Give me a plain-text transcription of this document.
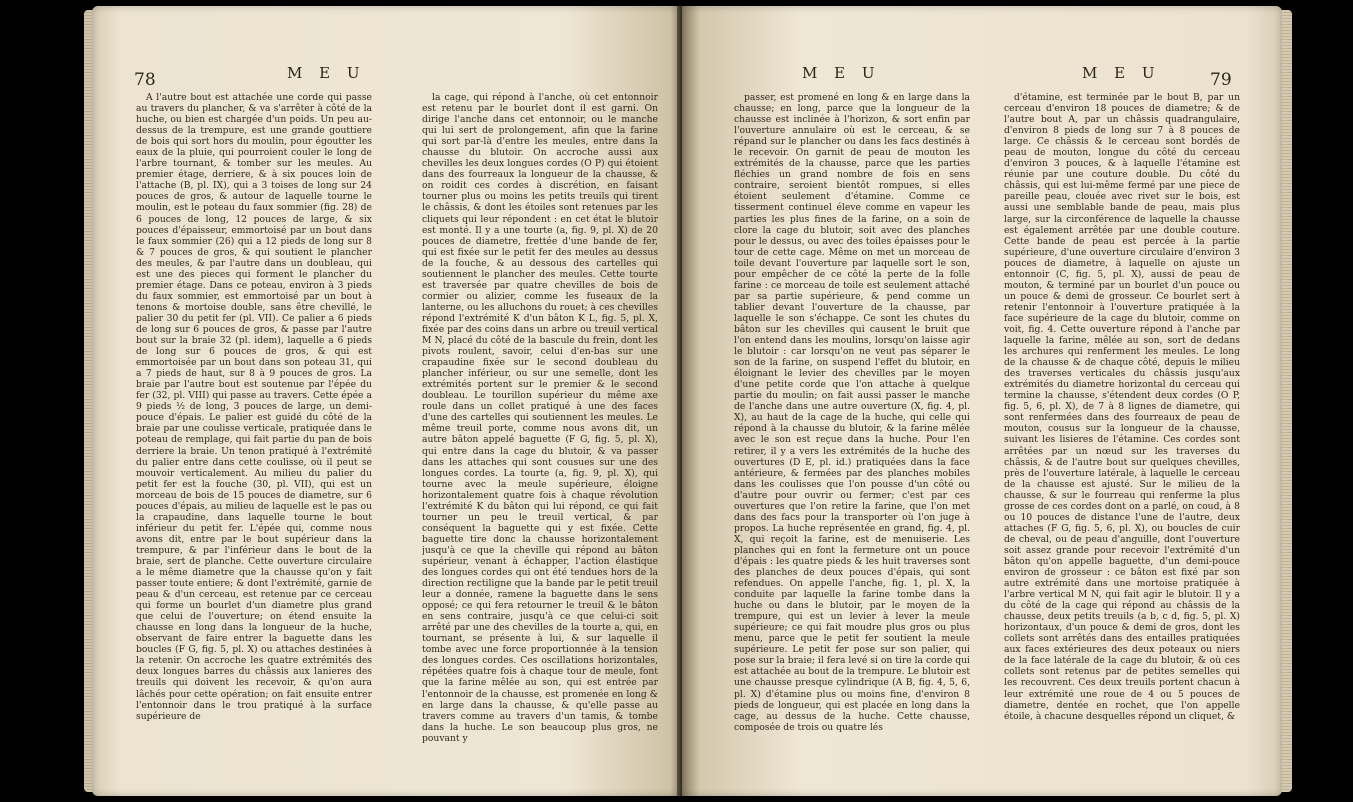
78	M E U

A l'autre bout est attachée une corde qui passe au travers du plancher, & va s'arrêter à côté de la huche, ou bien est chargée d'un poids. Un peu au-dessus de la trempure, est une grande gouttiere de bois qui sort hors du moulin, pour égoutter les eaux de la pluie, qui pourroient couler le long de l'arbre tournant, & tomber sur les meules. Au premier étage, derriere, & à six pouces loin de l'attache (B, pl. IX), qui a 3 toises de long sur 24 pouces de gros, & autour de laquelle tourne le moulin, est le poteau du faux sommier (fig. 28) de 6 pouces de long, 12 pouces de large, & six pouces d'épaisseur, emmortoisé par un bout dans le faux sommier (26) qui a 12 pieds de long sur 8 & 7 pouces de gros, & qui soutient le plancher des meules, & par l'autre dans un doubleau, qui est une des pieces qui forment le plancher du premier étage. Dans ce poteau, environ à 3 pieds du faux sommier, est emmortoisé par un bout à tenons & mortoise double, sans être chevillé, le palier 30 du petit fer (pl. VII). Ce palier a 6 pieds de long sur 6 pouces de gros, & passe par l'autre bout sur la braie 32 (pl. idem), laquelle a 6 pieds de long sur 6 pouces de gros, & qui est emmortoisée par un bout dans son poteau 31, qui a 7 pieds de haut, sur 8 à 9 pouces de gros. La braie par l'autre bout est soutenue par l'épée du fer (32, pl. VIII) qui passe au travers. Cette épée a 9 pieds ½ de long, 3 pouces de large, un demi-pouce d'épais. Le palier est guidé du côté de la braie par une coulisse verticale, pratiquée dans le poteau de remplage, qui fait partie du pan de bois derriere la braie. Un tenon pratiqué à l'extrémité du palier entre dans cette coulisse, où il peut se mouvoir verticalement. Au milieu du palier du petit fer est la fouche (30, pl. VII), qui est un morceau de bois de 15 pouces de diametre, sur 6 pouces d'épais, au milieu de laquelle est le pas ou la crapaudine, dans laquelle tourne le bout inférieur du petit fer. L'épée qui, comme nous avons dit, entre par le bout supérieur dans la trempure, & par l'inférieur dans le bout de la braie, sert de planche. Cette ouverture circulaire a le même diametre que la chausse qu'on y fait passer toute entiere; & dont l'extrémité, garnie de peau & d'un cerceau, est retenue par ce cerceau qui forme un bourlet d'un diametre plus grand que celui de l'ouverture; on étend ensuite la chausse en long dans la longueur de la huche, observant de faire entrer la baguette dans les boucles (F G, fig. 5, pl. X) ou attaches destinées à la retenir. On accroche les quatre extrémités des deux longues barres du châssis aux lanieres des treuils qui doivent les recevoir, & qu'on aura lâchés pour cette opération; on fait ensuite entrer l'entonnoir dans le trou pratiqué à la surface supérieure de

la cage, qui répond à l'anche, où cet entonnoir est retenu par le bourlet dont il est garni. On dirige l'anche dans cet entonnoir, ou le manche qui lui sert de prolongement, afin que la farine qui sort par-là d'entre les meules, entre dans la chausse du blutoir. On accroche aussi aux chevilles les deux longues cordes (O P) qui étoient dans des fourreaux la longueur de la chausse, & on roidit ces cordes à discrétion, en faisant tourner plus ou moins les petits treuils qui tirent le châssis, & dont les étoiles sont retenues par les cliquets qui leur répondent : en cet état le blutoir est monté. Il y a une tourte (a, fig. 9, pl. X) de 20 pouces de diametre, frettée d'une bande de fer, qui est fixée sur le petit fer des meules au dessus de la fouche, & au dessous des cartelles qui soutiennent le plancher des meules. Cette tourte est traversée par quatre chevilles de bois de cormier ou alizier, comme les fuseaux de la lanterne, ou les alluchons du rouet; à ces chevilles répond l'extrémité K d'un bâton K L, fig. 5, pl. X, fixée par des coins dans un arbre ou treuil vertical M N, placé du côté de la bascule du frein, dont les pivots roulent, savoir, celui d'en-bas sur une crapaudine fixée sur le second doubleau du plancher inférieur, ou sur une semelle, dont les extrémités portent sur le premier & le second doubleau. Le tourillon supérieur du même axe roule dans un collet pratiqué à une des faces d'une des cartelles qui soutiennent les meules. Le même treuil porte, comme nous avons dit, un autre bâton appelé baguette (F G, fig. 5, pl. X), qui entre dans la cage du blutoir, & va passer dans les attaches qui sont cousues sur une des longues cordes. La tourte (a, fig. 9, pl. X), qui tourne avec la meule supérieure, éloigne horizontalement quatre fois à chaque révolution l'extrémité K du bâton qui lui répond, ce qui fait tourner un peu le treuil vertical, & par conséquent la baguette qui y est fixée. Cette baguette tire donc la chausse horizontalement jusqu'à ce que la cheville qui répond au bâton supérieur, venant à échapper, l'action élastique des longues cordes qui ont été tendues hors de la direction rectiligne que la bande par le petit treuil leur a donnée, ramene la baguette dans le sens opposé; ce qui fera retourner le treuil & le bâton en sens contraire, jusqu'à ce que celui-ci soit arrêté par une des chevilles de la tourte a, qui, en tournant, se présente à lui, & sur laquelle il tombe avec une force proportionnée à la tension des longues cordes. Ces oscillations horizontales, répétées quatre fois à chaque tour de meule, font que la farine mêlée au son, qui est entrée par l'entonnoir de la chausse, est promenée en long & en large dans la chausse, & qu'elle passe au travers comme au travers d'un tamis, & tombe dans la huche. Le son beaucoup plus gros, ne pouvant y

M E U	M E U	79

passer, est promené en long & en large dans la chausse; en long, parce que la longueur de la chausse est inclinée à l'horizon, & sort enfin par l'ouverture annulaire où est le cerceau, & se répand sur le plancher ou dans les facs destinés à le recevoir. On garnit de peau de mouton les extrémités de la chausse, parce que les parties fléchies un grand nombre de fois en sens contraire, seroient bientôt rompues, si elles étoient seulement d'étamine. Comme ce tisserment continuel éleve comme en vapeur les parties les plus fines de la farine, on a soin de clore la cage du blutoir, soit avec des planches pour le dessus, ou avec des toiles épaisses pour le tour de cette cage. Même on met un morceau de toile devant l'ouverture par laquelle sort le son, pour empêcher de ce côté la perte de la folle farine : ce morceau de toile est seulement attaché par sa partie supérieure, & pend comme un tablier devant l'ouverture de la chausse, par laquelle le son s'échappe. Ce sont les chutes du bâton sur les chevilles qui causent le bruit que l'on entend dans les moulins, lorsqu'on laisse agir le blutoir : car lorsqu'on ne veut pas séparer le son de la farine, on suspend l'effet du blutoir, en éloignant le levier des chevilles par le moyen d'une petite corde que l'on attache à quelque partie du moulin; on fait aussi passer le manche de l'anche dans une autre ouverture (X, fig. 4, pl. X), au haut de la cage de la huche, qui celle qui répond à la chausse du blutoir, & la farine mêlée avec le son est reçue dans la huche. Pour l'en retirer, il y a vers les extrémités de la huche des ouvertures (D E, pl. id.) pratiquées dans la face antérieure, & fermées par des planches mobiles dans les coulisses que l'on pousse d'un côté ou d'autre pour ouvrir ou fermer; c'est par ces ouvertures que l'on retire la farine, que l'on met dans des facs pour la transporter où l'on juge à propos. La huche représentée en grand, fig. 4, pl. X, qui reçoit la farine, est de menuiserie. Les planches qui en font la fermeture ont un pouce d'épais : les quatre pieds & les huit traverses sont des planches de deux pouces d'épais, qui sont refendues. On appelle l'anche, fig. 1, pl. X, la conduite par laquelle la farine tombe dans la huche ou dans le blutoir, par le moyen de la trempure, qui est un levier à lever la meule supérieure; ce qui fait moudre plus gros ou plus menu, parce que le petit fer soutient la meule supérieure. Le petit fer pose sur son palier, qui pose sur la braie; il fera levé si on tire la corde qui est attachée au bout de la trempure. Le blutoir est une chausse presque cylindrique (A B, fig. 4, 5, 6, pl. X) d'étamine plus ou moins fine, d'environ 8 pieds de longueur, qui est placée en long dans la cage, au dessus de la huche. Cette chausse, composée de trois ou quatre lés

d'étamine, est terminée par le bout B, par un cerceau d'environ 18 pouces de diametre; & de l'autre bout A, par un châssis quadrangulaire, d'environ 8 pieds de long sur 7 à 8 pouces de large. Ce châssis & le cerceau sont bordés de peau de mouton, longue du côté du cerceau d'environ 3 pouces, & à laquelle l'étamine est réunie par une couture double. Du côté du châssis, qui est lui-même fermé par une piece de pareille peau, clouée avec rivet sur le bois, est aussi une semblable bande de peau, mais plus large, sur la circonférence de laquelle la chausse est également arrêtée par une double couture. Cette bande de peau est percée à la partie supérieure, d'une ouverture circulaire d'environ 3 pouces de diametre, à laquelle on ajuste un entonnoir (C, fig. 5, pl. X), aussi de peau de mouton, & terminé par un bourlet d'un pouce ou un pouce & demi de grosseur. Ce bourlet sert à retenir l'entonnoir à l'ouverture pratiquée à la face supérieure de la cage du blutoir, comme on voit, fig. 4. Cette ouverture répond à l'anche par laquelle la farine, mêlée au son, sort de dedans les archures qui renferment les meules. Le long de la chausse & de chaque côté, depuis le milieu des traverses verticales du châssis jusqu'aux extrémités du diametre horizontal du cerceau qui termine la chausse, s'étendent deux cordes (O P, fig. 5, 6, pl. X), de 7 à 8 lignes de diametre, qui sont renfermées dans des fourreaux de peau de mouton, cousus sur la longueur de la chausse, suivant les lisieres de l'étamine. Ces cordes sont arrêtées par un nœud sur les traverses du châssis, & de l'autre bout sur quelques chevilles, près de l'ouverture latérale, à laquelle le cerceau de la chausse est ajusté. Sur le milieu de la chausse, & sur le fourreau qui renferme la plus grosse de ces cordes dont on a parlé, on coud, à 8 ou 10 pouces de distance l'une de l'autre, deux attaches (F G, fig. 5, 6, pl. X), ou boucles de cuir de cheval, ou de peau d'anguille, dont l'ouverture soit assez grande pour recevoir l'extrémité d'un bâton qu'on appelle baguette, d'un demi-pouce environ de grosseur : ce bâton est fixé par son autre extrémité dans une mortoise pratiquée à l'arbre vertical M N, qui fait agir le blutoir. Il y a du côté de la cage qui répond au châssis de la chausse, deux petits treuils (a b, c d, fig. 5, pl. X) horizontaux, d'un pouce & demi de gros, dont les collets sont arrêtés dans des entailles pratiquées aux faces extérieures des deux poteaux ou niers de la face latérale de la cage du blutoir, & où ces collets sont retenus par de petites semelles qui les recouvrent. Ces deux treuils portent chacun à leur extrémité une roue de 4 ou 5 pouces de diametre, dentée en rochet, que l'on appelle étoile, à chacune desquelles répond un cliquet, &
